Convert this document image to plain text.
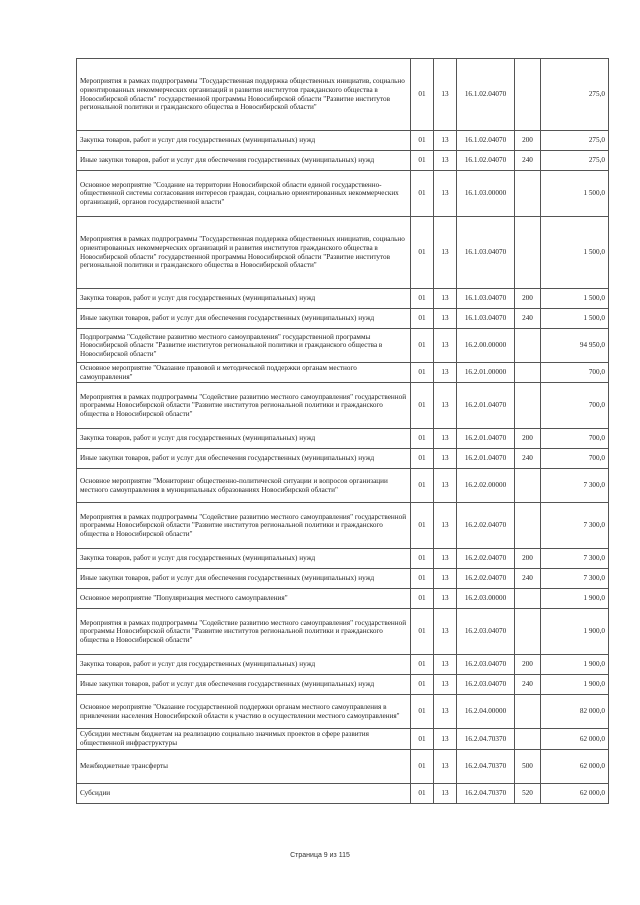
Мероприятия в рамках подпрограммы "Государственная поддержка общественных инициатив, социально ориентированных некоммерческих организаций и развития институтов гражданского общества в Новосибирской области" государственной программы Новосибирской области "Развитие институтов региональной политики и гражданского общества в Новосибирской области"	01	13	16.1.02.04070		275,0
Закупка товаров, работ и услуг для государственных (муниципальных) нужд	01	13	16.1.02.04070	200	275,0
Иные закупки товаров, работ и услуг для обеспечения государственных (муниципальных) нужд	01	13	16.1.02.04070	240	275,0
Основное мероприятие "Создание на территории Новосибирской области единой государственно-общественной системы согласования интересов граждан, социально ориентированных некоммерческих организаций, органов государственной власти"	01	13	16.1.03.00000		1 500,0
Мероприятия в рамках подпрограммы "Государственная поддержка общественных инициатив, социально ориентированных некоммерческих организаций и развития институтов гражданского общества в Новосибирской области" государственной программы Новосибирской области "Развитие институтов региональной политики и гражданского общества в Новосибирской области"	01	13	16.1.03.04070		1 500,0
Закупка товаров, работ и услуг для государственных (муниципальных) нужд	01	13	16.1.03.04070	200	1 500,0
Иные закупки товаров, работ и услуг для обеспечения государственных (муниципальных) нужд	01	13	16.1.03.04070	240	1 500,0
Подпрограмма "Содействие развитию местного самоуправления" государственной программы Новосибирской области "Развитие институтов региональной политики и гражданского общества в Новосибирской области"	01	13	16.2.00.00000		94 950,0
Основное мероприятие "Оказание правовой и методической поддержки органам местного самоуправления"	01	13	16.2.01.00000		700,0
Мероприятия в рамках подпрограммы "Содействие развитию местного самоуправления" государственной программы Новосибирской области "Развитие институтов региональной политики и гражданского общества в Новосибирской области"	01	13	16.2.01.04070		700,0
Закупка товаров, работ и услуг для государственных (муниципальных) нужд	01	13	16.2.01.04070	200	700,0
Иные закупки товаров, работ и услуг для обеспечения государственных (муниципальных) нужд	01	13	16.2.01.04070	240	700,0
Основное мероприятие "Мониторинг общественно-политической ситуации и вопросов организации местного самоуправления в муниципальных образованиях Новосибирской области"	01	13	16.2.02.00000		7 300,0
Мероприятия в рамках подпрограммы "Содействие развитию местного самоуправления" государственной программы Новосибирской области "Развитие институтов региональной политики и гражданского общества в Новосибирской области"	01	13	16.2.02.04070		7 300,0
Закупка товаров, работ и услуг для государственных (муниципальных) нужд	01	13	16.2.02.04070	200	7 300,0
Иные закупки товаров, работ и услуг для обеспечения государственных (муниципальных) нужд	01	13	16.2.02.04070	240	7 300,0
Основное мероприятие "Популяризация местного самоуправления"	01	13	16.2.03.00000		1 900,0
Мероприятия в рамках подпрограммы "Содействие развитию местного самоуправления" государственной программы Новосибирской области "Развитие институтов региональной политики и гражданского общества в Новосибирской области"	01	13	16.2.03.04070		1 900,0
Закупка товаров, работ и услуг для государственных (муниципальных) нужд	01	13	16.2.03.04070	200	1 900,0
Иные закупки товаров, работ и услуг для обеспечения государственных (муниципальных) нужд	01	13	16.2.03.04070	240	1 900,0
Основное мероприятие "Оказание государственной поддержки органам местного самоуправления в привлечении населения Новосибирской области к участию в осуществлении местного самоуправления"	01	13	16.2.04.00000		82 000,0
Субсидии местным бюджетам на реализацию социально значимых проектов в сфере развития общественной инфраструктуры	01	13	16.2.04.70370		62 000,0
Межбюджетные трансферты	01	13	16.2.04.70370	500	62 000,0
Субсидии	01	13	16.2.04.70370	520	62 000,0
Страница 9 из 115
